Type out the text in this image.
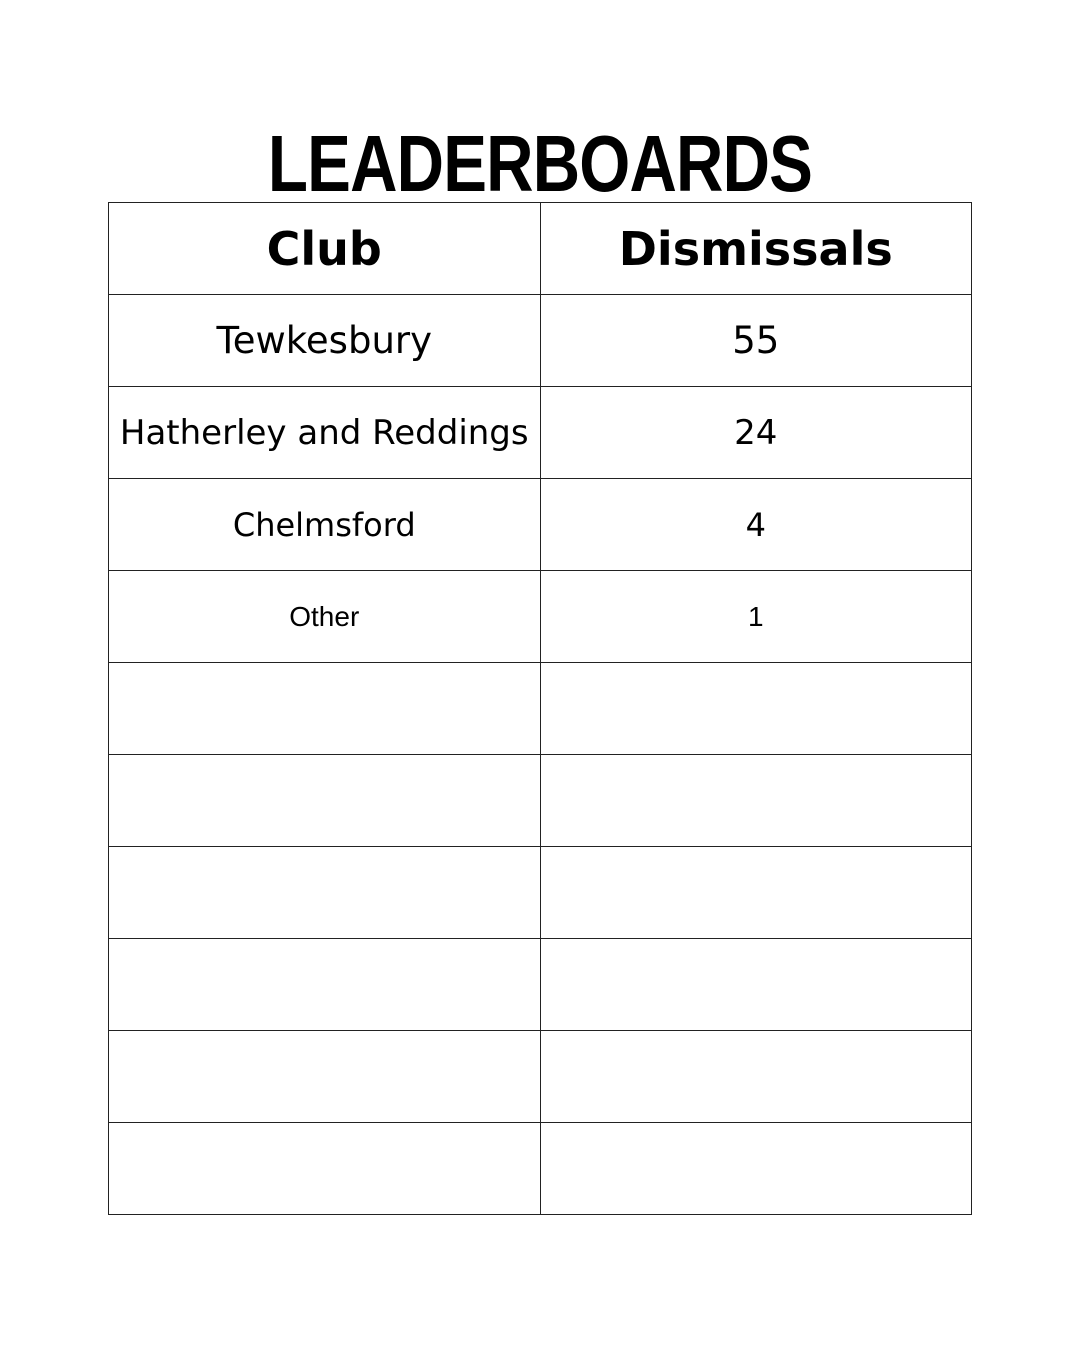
LEADERBOARDS
Club	Dismissals
Tewkesbury	55
Hatherley and Reddings	24
Chelmsford	4
Other	1
